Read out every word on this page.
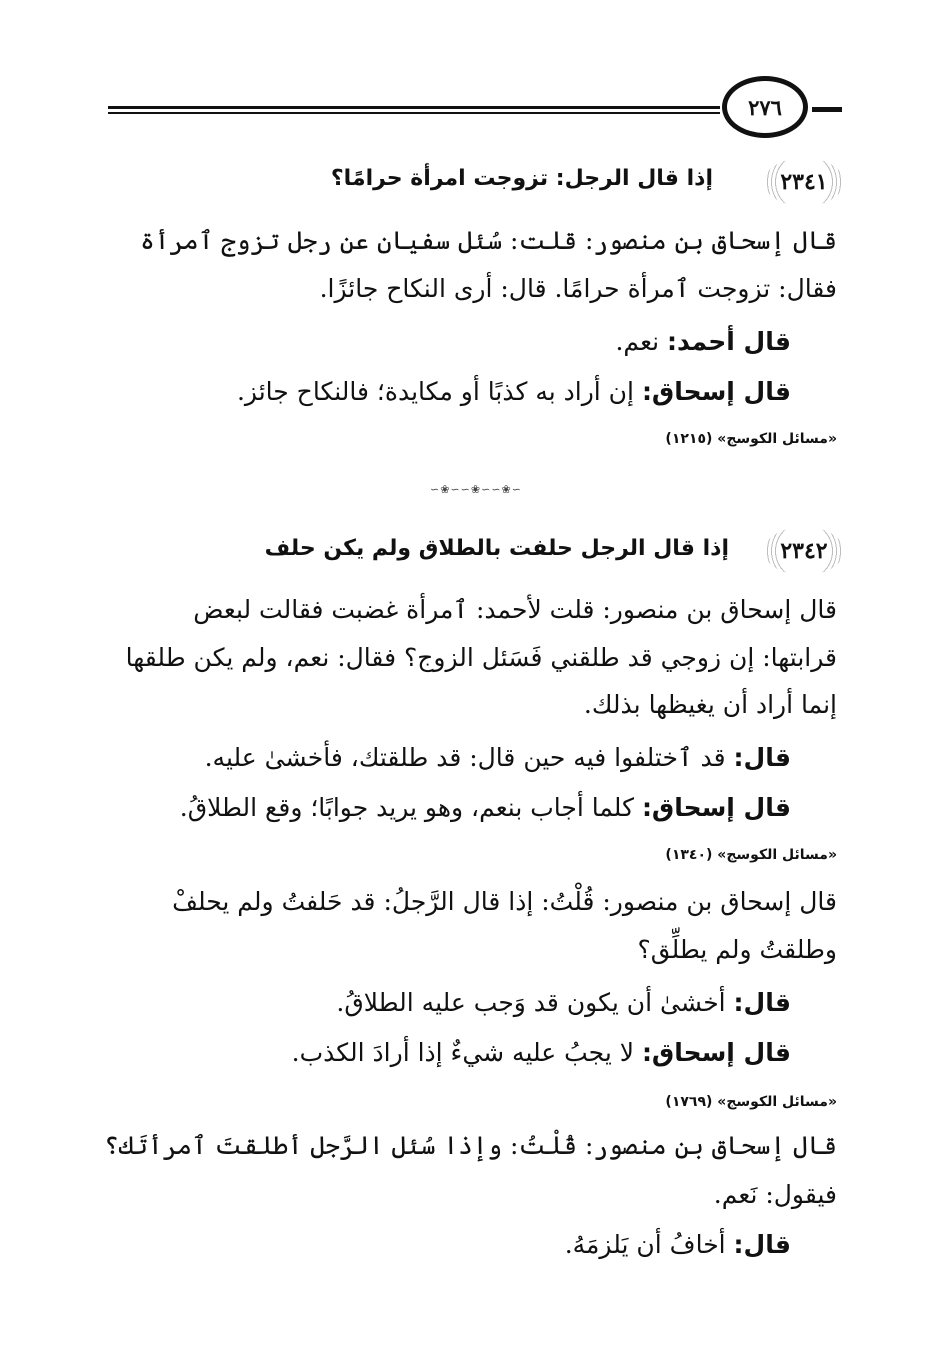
٢٧٦
٢٣٤١
إذا قال الرجل: تزوجت امرأة حرامًا؟
قال إسحاق بن منصور: قلت: سُئل سفيان عن رجل تزوج ٱمرأة
فقال: تزوجت ٱمرأة حرامًا. قال: أرى النكاح جائزًا.
قال أحمد: نعم.
قال إسحاق: إن أراد به كذبًا أو مكايدة؛ فالنكاح جائز.
«مسائل الكوسج» (١٢١٥)
∽❀∽∽❀∽∽❀∽
٢٣٤٢
إذا قال الرجل حلفت بالطلاق ولم يكن حلف
قال إسحاق بن منصور: قلت لأحمد: ٱمرأة غضبت فقالت لبعض
قرابتها: إن زوجي قد طلقني فَسَئل الزوج؟ فقال: نعم، ولم يكن طلقها
إنما أراد أن يغيظها بذلك.
قال: قد ٱختلفوا فيه حين قال: قد طلقتك، فأخشىٰ عليه.
قال إسحاق: كلما أجاب بنعم، وهو يريد جوابًا؛ وقع الطلاقُ.
«مسائل الكوسج» (١٣٤٠)
قال إسحاق بن منصور: قُلْتُ: إذا قال الرَّجلُ: قد حَلفتُ ولم يحلفْ
وطلقتُ ولم يطلِّق؟
قال: أخشىٰ أن يكون قد وَجب عليه الطلاقُ.
قال إسحاق: لا يجبُ عليه شيءٌ إذا أرادَ الكذب.
«مسائل الكوسج» (١٧٦٩)
قال إسحاق بن منصور: قُلْتُ: وإذا سُئل الرَّجل أطلقتَ ٱمرأتَك؟
فيقول: نَعم.
قال: أخافُ أن يَلزمَهُ.
